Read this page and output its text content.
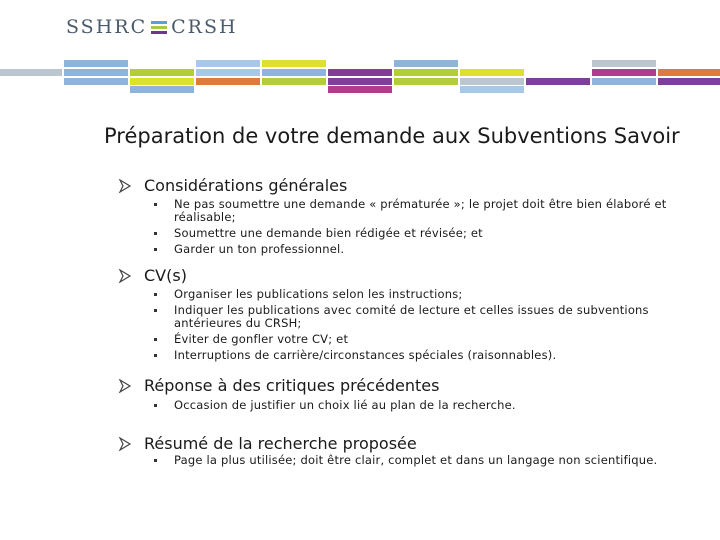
SSHRC CRSH
Préparation de votre demande aux Subventions Savoir
Considérations générales
Ne pas soumettre une demande « prématurée »; le projet doit être bien élaboré et réalisable;
Soumettre une demande bien rédigée et révisée; et
Garder un ton professionnel.
CV(s)
Organiser les publications selon les instructions;
Indiquer les publications avec comité de lecture et celles issues de subventions antérieures du CRSH;
Éviter de gonfler votre CV; et
Interruptions de carrière/circonstances spéciales (raisonnables).
Réponse à des critiques précédentes
Occasion de justifier un choix lié au plan de la recherche.
Résumé de la recherche proposée
Page la plus utilisée; doit être clair, complet et dans un langage non scientifique.
